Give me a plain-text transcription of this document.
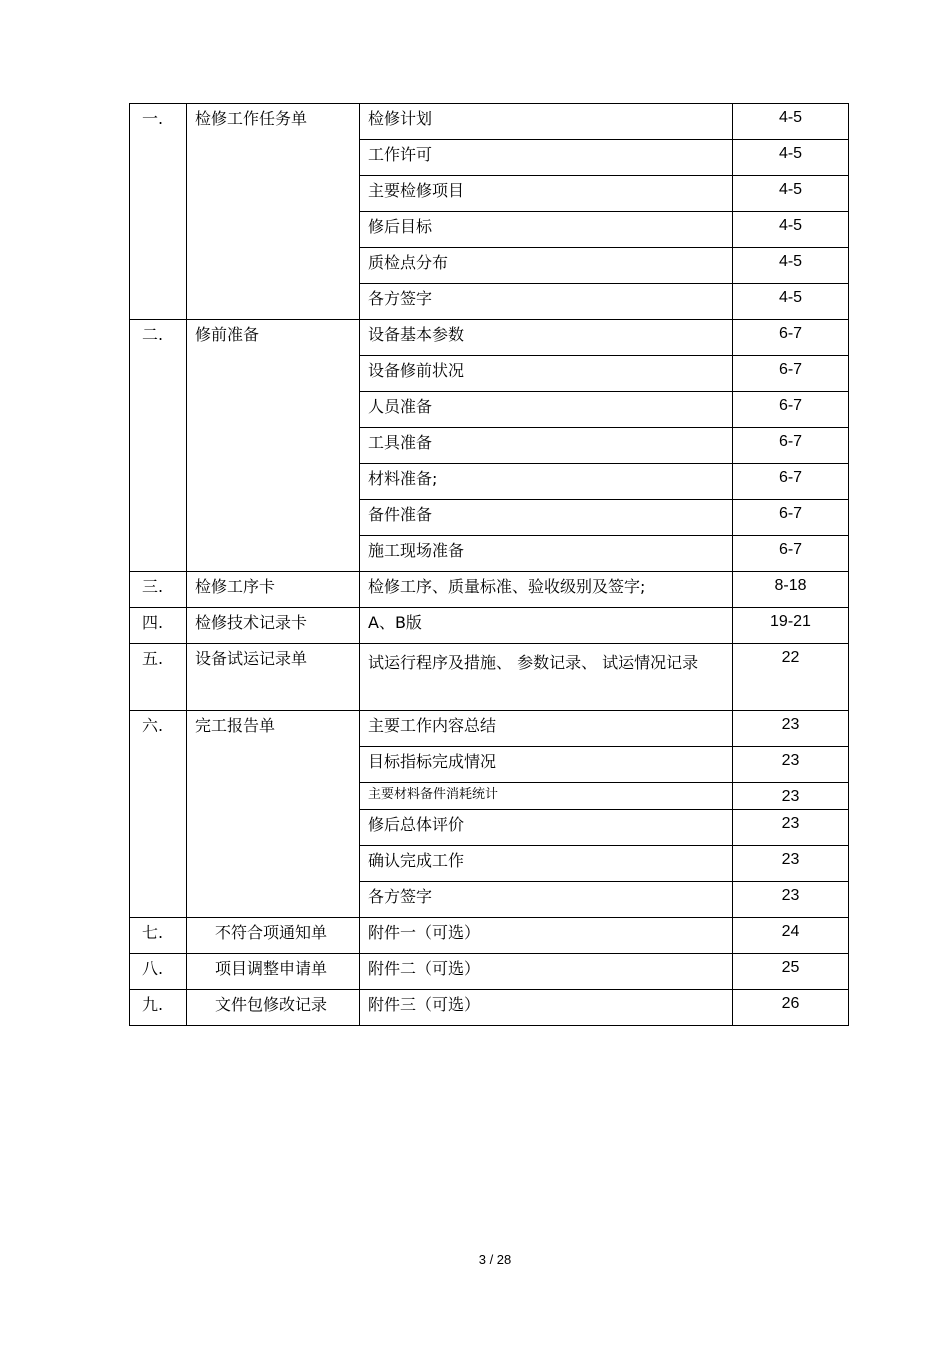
一.	检修工作任务单	检修计划	4-5
		工作许可	4-5
		主要检修项目	4-5
		修后目标	4-5
		质检点分布	4-5
		各方签字	4-5
二.	修前准备	设备基本参数	6-7
		设备修前状况	6-7
		人员准备	6-7
		工具准备	6-7
		材料准备;	6-7
		备件准备	6-7
		施工现场准备	6-7
三.	检修工序卡	检修工序、质量标准、验收级别及签字;	8-18
四.	检修技术记录卡	A、B版	19-21
五.	设备试运记录单	试运行程序及措施、 参数记录、 试运情况记录	22
六.	完工报告单	主要工作内容总结	23
		目标指标完成情况	23
		主要材料备件消耗统计	23
		修后总体评价	23
		确认完成工作	23
		各方签字	23
七.	不符合项通知单	附件一（可选）	24
八.	项目调整申请单	附件二（可选）	25
九.	文件包修改记录	附件三（可选）	26
3 / 28
